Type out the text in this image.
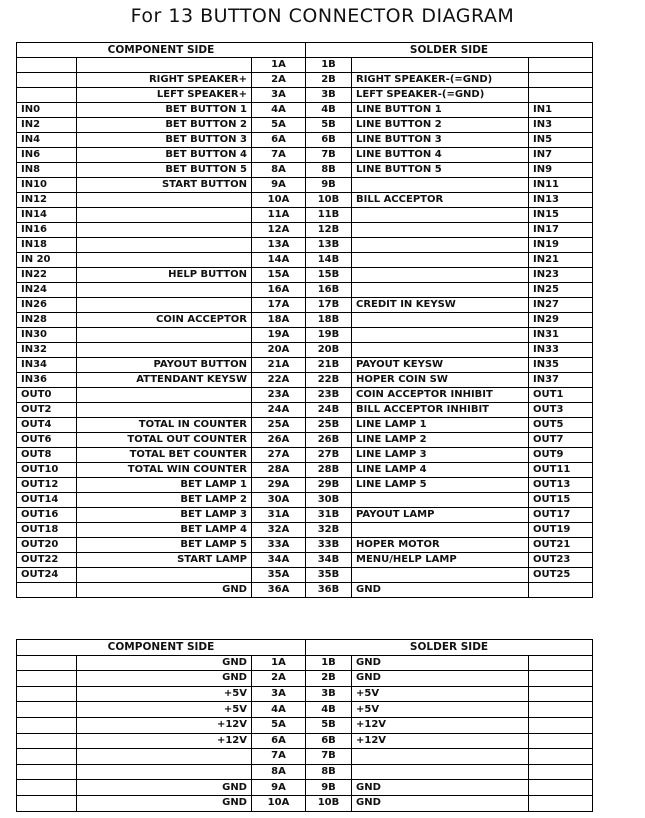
For 13 BUTTON CONNECTOR DIAGRAM
COMPONENT SIDE			SOLDER SIDE		
		1A	1B		
	RIGHT SPEAKER+	2A	2B	RIGHT SPEAKER-(=GND)	
	LEFT SPEAKER+	3A	3B	LEFT SPEAKER-(=GND)	
IN0	BET BUTTON 1	4A	4B	LINE BUTTON 1	IN1
IN2	BET BUTTON 2	5A	5B	LINE BUTTON 2	IN3
IN4	BET BUTTON 3	6A	6B	LINE BUTTON 3	IN5
IN6	BET BUTTON 4	7A	7B	LINE BUTTON 4	IN7
IN8	BET BUTTON 5	8A	8B	LINE BUTTON 5	IN9
IN10	START BUTTON	9A	9B		IN11
IN12		10A	10B	BILL ACCEPTOR	IN13
IN14		11A	11B		IN15
IN16		12A	12B		IN17
IN18		13A	13B		IN19
IN 20		14A	14B		IN21
IN22	HELP BUTTON	15A	15B		IN23
IN24		16A	16B		IN25
IN26		17A	17B	CREDIT IN KEYSW	IN27
IN28	COIN ACCEPTOR	18A	18B		IN29
IN30		19A	19B		IN31
IN32		20A	20B		IN33
IN34	PAYOUT BUTTON	21A	21B	PAYOUT KEYSW	IN35
IN36	ATTENDANT KEYSW	22A	22B	HOPER COIN SW	IN37
OUT0		23A	23B	COIN ACCEPTOR INHIBIT	OUT1
OUT2		24A	24B	BILL ACCEPTOR INHIBIT	OUT3
OUT4	TOTAL IN COUNTER	25A	25B	LINE LAMP 1	OUT5
OUT6	TOTAL OUT COUNTER	26A	26B	LINE LAMP 2	OUT7
OUT8	TOTAL BET COUNTER	27A	27B	LINE LAMP 3	OUT9
OUT10	TOTAL WIN COUNTER	28A	28B	LINE LAMP 4	OUT11
OUT12	BET LAMP 1	29A	29B	LINE LAMP 5	OUT13
OUT14	BET LAMP 2	30A	30B		OUT15
OUT16	BET LAMP 3	31A	31B	PAYOUT LAMP	OUT17
OUT18	BET LAMP 4	32A	32B		OUT19
OUT20	BET LAMP 5	33A	33B	HOPER MOTOR	OUT21
OUT22	START LAMP	34A	34B	MENU/HELP LAMP	OUT23
OUT24		35A	35B		OUT25
	GND	36A	36B	GND	
COMPONENT SIDE			SOLDER SIDE		
	GND	1A	1B	GND	
	GND	2A	2B	GND	
	+5V	3A	3B	+5V	
	+5V	4A	4B	+5V	
	+12V	5A	5B	+12V	
	+12V	6A	6B	+12V	
		7A	7B		
		8A	8B		
	GND	9A	9B	GND	
	GND	10A	10B	GND	
